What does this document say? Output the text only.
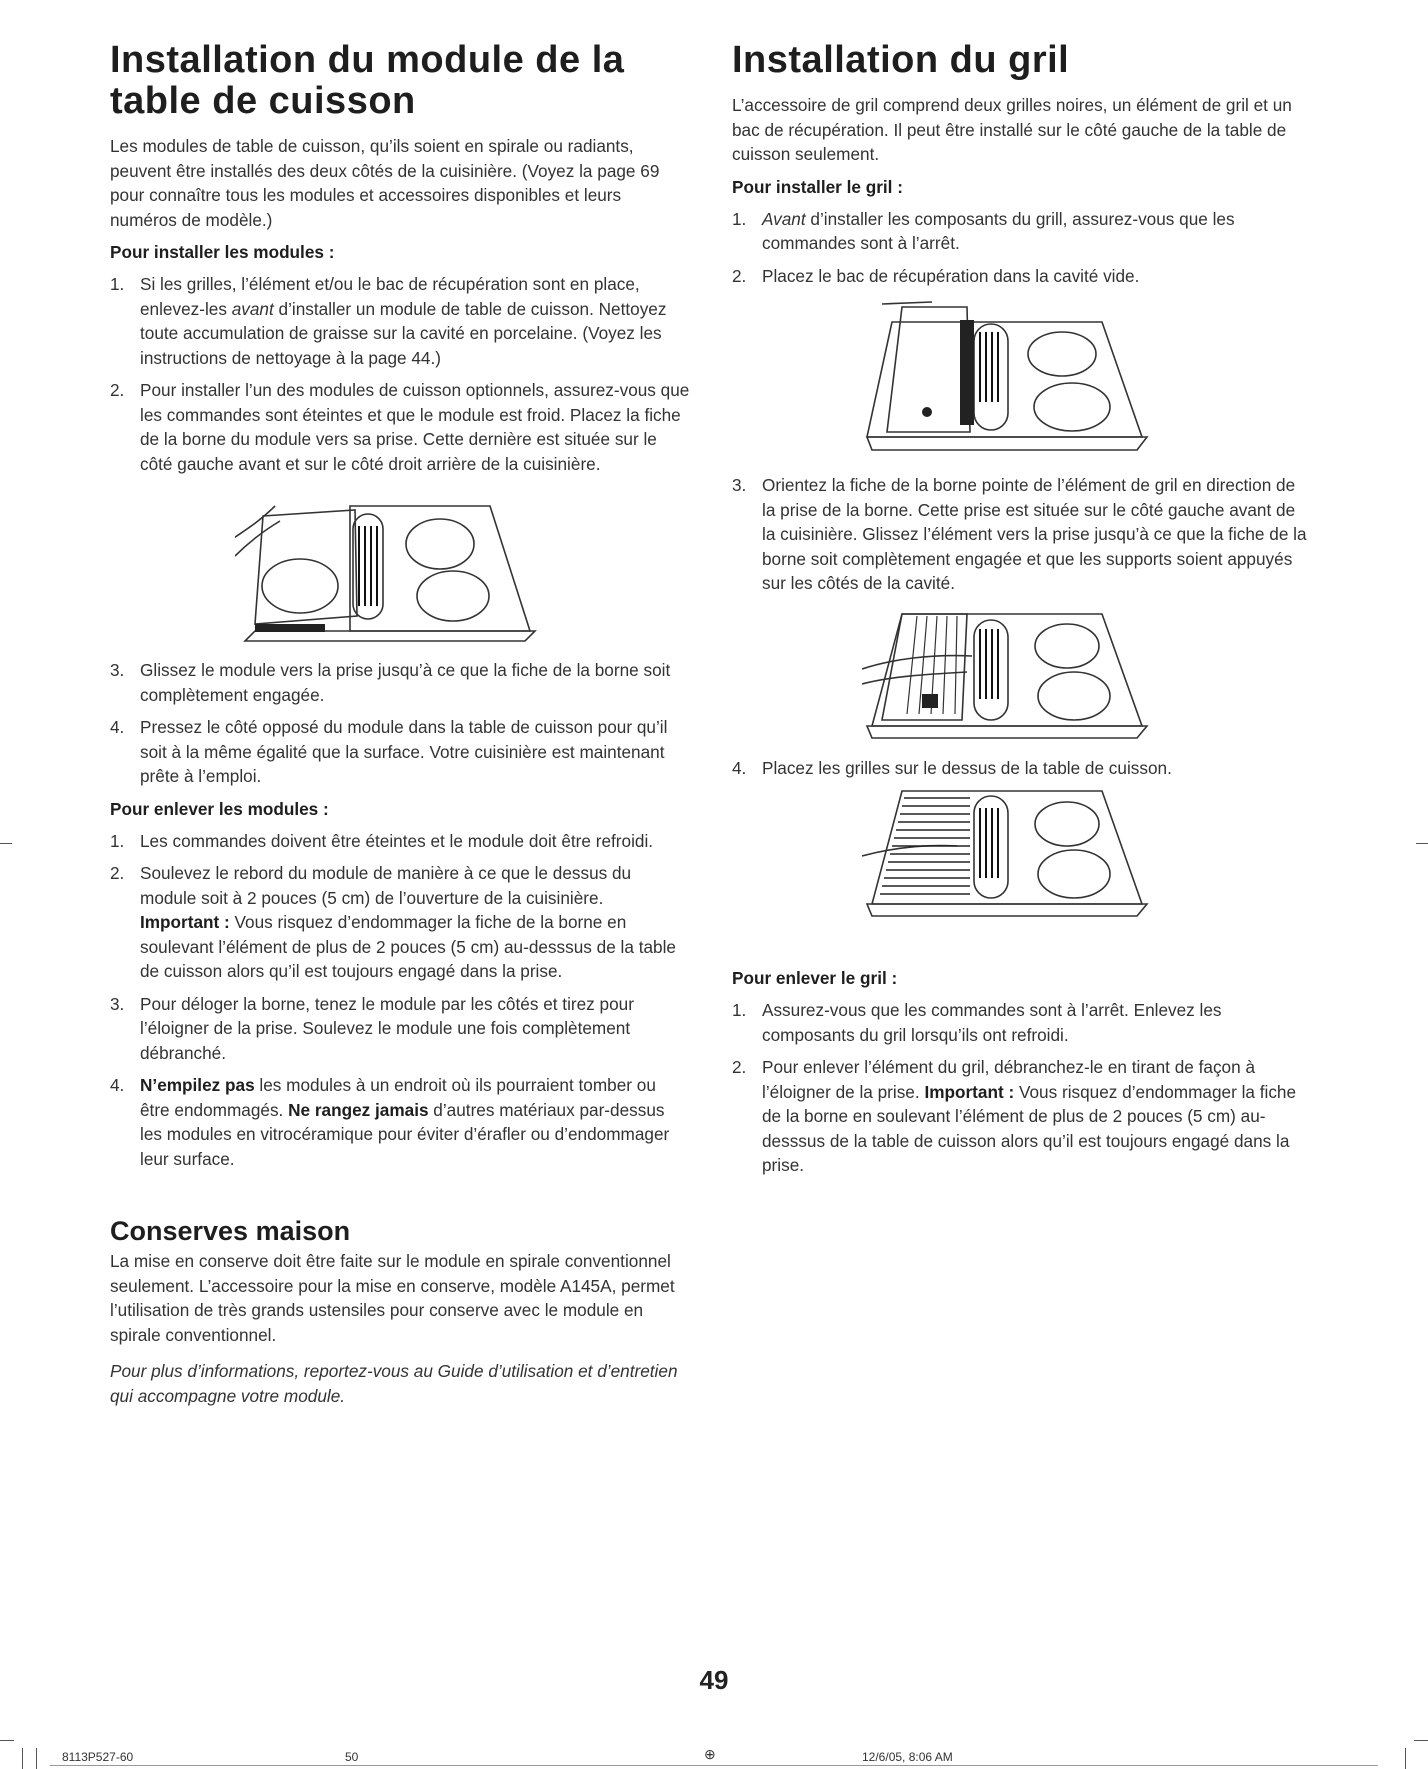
Installation du module de la table de cuisson

Les modules de table de cuisson, qu’ils soient en spirale ou radiants, peuvent être installés des deux côtés de la cuisinière. (Voyez la page 69 pour connaître tous les modules et accessoires disponibles et leurs numéros de modèle.)

Pour installer les modules :

1. Si les grilles, l’élément et/ou le bac de récupération sont en place, enlevez-les avant d’installer un module de table de cuisson. Nettoyez toute accumulation de graisse sur la cavité en porcelaine. (Voyez les instructions de nettoyage à la page 44.)
2. Pour installer l’un des modules de cuisson optionnels, assurez-vous que les commandes sont éteintes et que le module est froid. Placez la fiche de la borne du module vers sa prise. Cette dernière est située sur le côté gauche avant et sur le côté droit arrière de la cuisinière.
3. Glissez le module vers la prise jusqu’à ce que la fiche de la borne soit complètement engagée.
4. Pressez le côté opposé du module dans la table de cuisson pour qu’il soit à la même égalité que la surface. Votre cuisinière est maintenant prête à l’emploi.

Pour enlever les modules :

1. Les commandes doivent être éteintes et le module doit être refroidi.
2. Soulevez le rebord du module de manière à ce que le dessus du module soit à 2 pouces (5 cm) de l’ouverture de la cuisinière.
Important : Vous risquez d’endommager la fiche de la borne en soulevant l’élément de plus de 2 pouces (5 cm) au-desssus de la table de cuisson alors qu’il est toujours engagé dans la prise.
3. Pour déloger la borne, tenez le module par les côtés et tirez pour l’éloigner de la prise. Soulevez le module une fois complètement débranché.
4. N’empilez pas les modules à un endroit où ils pourraient tomber ou être endommagés. Ne rangez jamais d’autres matériaux par-dessus les modules en vitrocéramique pour éviter d’érafler ou d’endommager leur surface.
Conserves maison

La mise en conserve doit être faite sur le module en spirale conventionnel seulement. L’accessoire pour la mise en conserve, modèle A145A, permet l’utilisation de très grands ustensiles pour conserve avec le module en spirale conventionnel.

Pour plus d’informations, reportez-vous au Guide d’utilisation et d’entretien qui accompagne votre module.

Installation du gril

L’accessoire de gril comprend deux grilles noires, un élément de gril et un bac de récupération. Il peut être installé sur le côté gauche de la table de cuisson seulement.

Pour installer le gril :

1. Avant d’installer les composants du grill, assurez-vous que les commandes sont à l’arrêt.
2. Placez le bac de récupération dans la cavité vide.
3. Orientez la fiche de la borne pointe de l’élément de gril en direction de la prise de la borne. Cette prise est située sur le côté gauche avant de la cuisinière. Glissez l’élément vers la prise jusqu’à ce que la fiche de la borne soit complètement engagée et que les supports soient appuyés sur les côtés de la cavité.
4. Placez les grilles sur le dessus de la table de cuisson.

Pour enlever le gril :

1. Assurez-vous que les commandes sont à l’arrêt. Enlevez les composants du gril lorsqu’ils ont refroidi.
2. Pour enlever l’élément du gril, débranchez-le en tirant de façon à l’éloigner de la prise. Important : Vous risquez d’endommager la fiche de la borne en soulevant l’élément de plus de 2 pouces (5 cm) au-desssus de la table de cuisson alors qu’il est toujours engagé dans la prise.
49
8113P527-60	50	⊕	12/6/05, 8:06 AM
